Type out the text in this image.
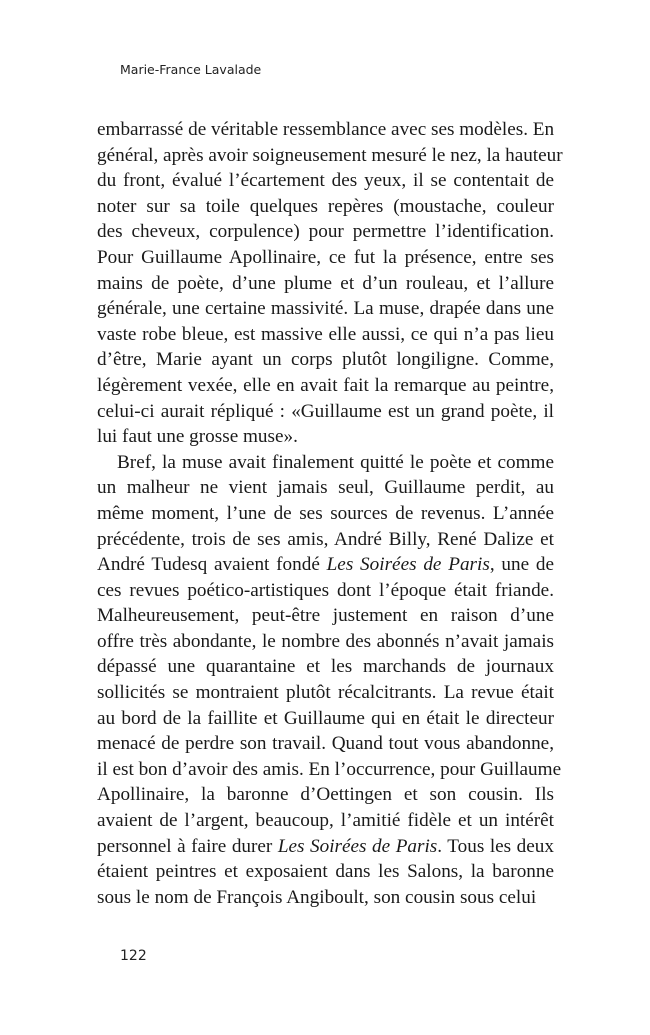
Marie-France Lavalade
embarrassé de véritable ressemblance avec ses modèles. En
général, après avoir soigneusement mesuré le nez, la hauteur
du front, évalué l’écartement des yeux, il se contentait de
noter sur sa toile quelques repères (moustache, couleur
des cheveux, corpulence) pour permettre l’identification.
Pour Guillaume Apollinaire, ce fut la présence, entre ses
mains de poète, d’une plume et d’un rouleau, et l’allure
générale, une certaine massivité. La muse, drapée dans une
vaste robe bleue, est massive elle aussi, ce qui n’a pas lieu
d’être, Marie ayant un corps plutôt longiligne. Comme,
légèrement vexée, elle en avait fait la remarque au peintre,
celui-ci aurait répliqué : «Guillaume est un grand poète, il
lui faut une grosse muse».
Bref, la muse avait finalement quitté le poète et comme
un malheur ne vient jamais seul, Guillaume perdit, au
même moment, l’une de ses sources de revenus. L’année
précédente, trois de ses amis, André Billy, René Dalize et
André Tudesq avaient fondé Les Soirées de Paris, une de
ces revues poético-artistiques dont l’époque était friande.
Malheureusement, peut-être justement en raison d’une
offre très abondante, le nombre des abonnés n’avait jamais
dépassé une quarantaine et les marchands de journaux
sollicités se montraient plutôt récalcitrants. La revue était
au bord de la faillite et Guillaume qui en était le directeur
menacé de perdre son travail. Quand tout vous abandonne,
il est bon d’avoir des amis. En l’occurrence, pour Guillaume
Apollinaire, la baronne d’Oettingen et son cousin. Ils
avaient de l’argent, beaucoup, l’amitié fidèle et un intérêt
personnel à faire durer Les Soirées de Paris. Tous les deux
étaient peintres et exposaient dans les Salons, la baronne
sous le nom de François Angiboult, son cousin sous celui
122
